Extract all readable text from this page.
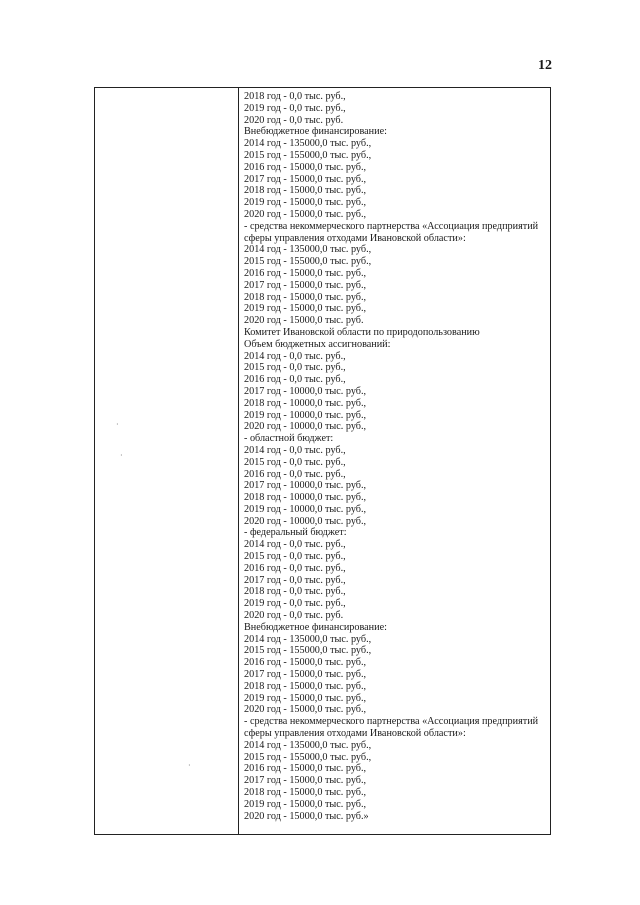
12
2018 год - 0,0 тыс. руб.,
2019 год - 0,0 тыс. руб.,
2020 год - 0,0 тыс. руб.
Внебюджетное финансирование:
2014 год - 135000,0 тыс. руб.,
2015 год - 155000,0 тыс. руб.,
2016 год - 15000,0 тыс. руб.,
2017 год - 15000,0 тыс. руб.,
2018 год - 15000,0 тыс. руб.,
2019 год - 15000,0 тыс. руб.,
2020 год - 15000,0 тыс. руб.,
- средства некоммерческого партнерства «Ассоциация предприятий
сферы управления отходами Ивановской области»:
2014 год - 135000,0 тыс. руб.,
2015 год - 155000,0 тыс. руб.,
2016 год - 15000,0 тыс. руб.,
2017 год - 15000,0 тыс. руб.,
2018 год - 15000,0 тыс. руб.,
2019 год - 15000,0 тыс. руб.,
2020 год - 15000,0 тыс. руб.
Комитет Ивановской области по природопользованию
Объем бюджетных ассигнований:
2014 год - 0,0 тыс. руб.,
2015 год - 0,0 тыс. руб.,
2016 год - 0,0 тыс. руб.,
2017 год - 10000,0 тыс. руб.,
2018 год - 10000,0 тыс. руб.,
2019 год - 10000,0 тыс. руб.,
2020 год - 10000,0 тыс. руб.,
- областной бюджет:
2014 год - 0,0 тыс. руб.,
2015 год - 0,0 тыс. руб.,
2016 год - 0,0 тыс. руб.,
2017 год - 10000,0 тыс. руб.,
2018 год - 10000,0 тыс. руб.,
2019 год - 10000,0 тыс. руб.,
2020 год - 10000,0 тыс. руб.,
- федеральный бюджет:
2014 год - 0,0 тыс. руб.,
2015 год - 0,0 тыс. руб.,
2016 год - 0,0 тыс. руб.,
2017 год - 0,0 тыс. руб.,
2018 год - 0,0 тыс. руб.,
2019 год - 0,0 тыс. руб.,
2020 год - 0,0 тыс. руб.
Внебюджетное финансирование:
2014 год - 135000,0 тыс. руб.,
2015 год - 155000,0 тыс. руб.,
2016 год - 15000,0 тыс. руб.,
2017 год - 15000,0 тыс. руб.,
2018 год - 15000,0 тыс. руб.,
2019 год - 15000,0 тыс. руб.,
2020 год - 15000,0 тыс. руб.,
- средства некоммерческого партнерства «Ассоциация предприятий
сферы управления отходами Ивановской области»:
2014 год - 135000,0 тыс. руб.,
2015 год - 155000,0 тыс. руб.,
2016 год - 15000,0 тыс. руб.,
2017 год - 15000,0 тыс. руб.,
2018 год - 15000,0 тыс. руб.,
2019 год - 15000,0 тыс. руб.,
2020 год - 15000,0 тыс. руб.»
·
·
·
